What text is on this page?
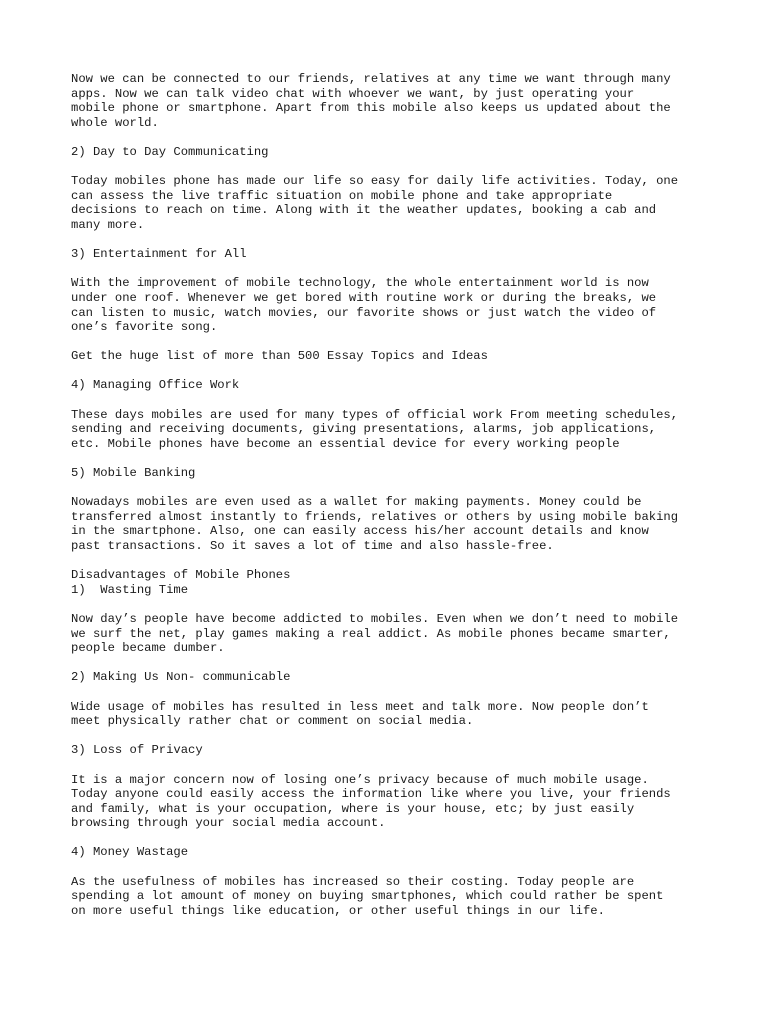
Now we can be connected to our friends, relatives at any time we want through many
apps. Now we can talk video chat with whoever we want, by just operating your
mobile phone or smartphone. Apart from this mobile also keeps us updated about the
whole world.
2) Day to Day Communicating
Today mobiles phone has made our life so easy for daily life activities. Today, one
can assess the live traffic situation on mobile phone and take appropriate
decisions to reach on time. Along with it the weather updates, booking a cab and
many more.
3) Entertainment for All
With the improvement of mobile technology, the whole entertainment world is now
under one roof. Whenever we get bored with routine work or during the breaks, we
can listen to music, watch movies, our favorite shows or just watch the video of
one’s favorite song.
Get the huge list of more than 500 Essay Topics and Ideas
4) Managing Office Work
These days mobiles are used for many types of official work From meeting schedules,
sending and receiving documents, giving presentations, alarms, job applications,
etc. Mobile phones have become an essential device for every working people
5) Mobile Banking
Nowadays mobiles are even used as a wallet for making payments. Money could be
transferred almost instantly to friends, relatives or others by using mobile baking
in the smartphone. Also, one can easily access his/her account details and know
past transactions. So it saves a lot of time and also hassle-free.
Disadvantages of Mobile Phones
1)  Wasting Time
Now day’s people have become addicted to mobiles. Even when we don’t need to mobile
we surf the net, play games making a real addict. As mobile phones became smarter,
people became dumber.
2) Making Us Non- communicable
Wide usage of mobiles has resulted in less meet and talk more. Now people don’t
meet physically rather chat or comment on social media.
3) Loss of Privacy
It is a major concern now of losing one’s privacy because of much mobile usage.
Today anyone could easily access the information like where you live, your friends
and family, what is your occupation, where is your house, etc; by just easily
browsing through your social media account.
4) Money Wastage
As the usefulness of mobiles has increased so their costing. Today people are
spending a lot amount of money on buying smartphones, which could rather be spent
on more useful things like education, or other useful things in our life.
